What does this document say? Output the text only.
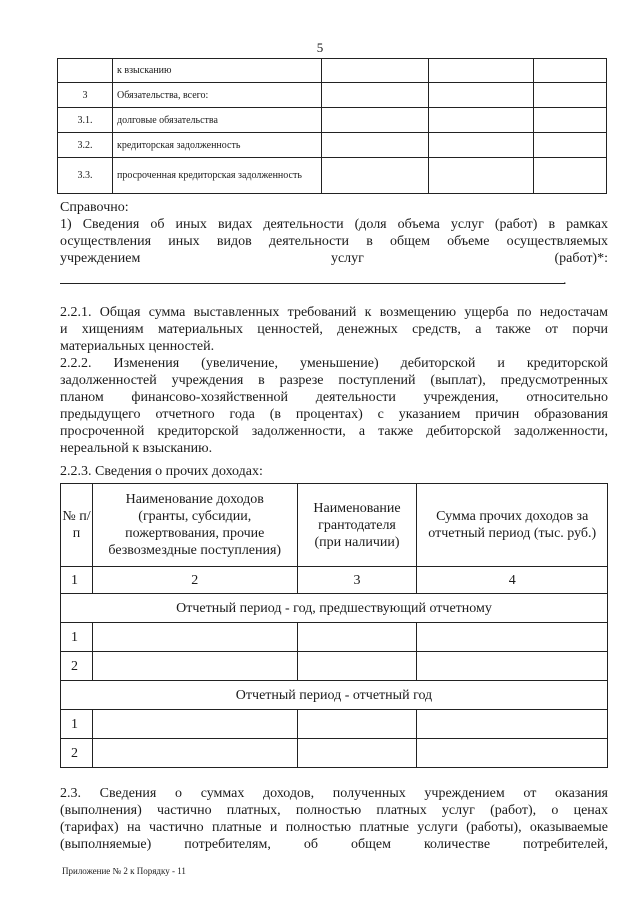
5
	к взысканию			
3	Обязательства, всего:			
3.1.	долговые обязательства			
3.2.	кредиторская задолженность			
3.3.	просроченная кредиторская задолженность			
Справочно:
1) Сведения об иных видах деятельности (доля объема услуг (работ) в рамках
осуществления иных видов деятельности в общем объеме осуществляемых
учреждением	услуг	(работ)*:
.
2.2.1. Общая сумма выставленных требований к возмещению ущерба по недостачам
и хищениям материальных ценностей, денежных средств, а также от порчи
материальных ценностей.
2.2.2. Изменения (увеличение, уменьшение) дебиторской и кредиторской
задолженностей учреждения в разрезе поступлений (выплат), предусмотренных
планом финансово-хозяйственной деятельности учреждения, относительно
предыдущего отчетного года (в процентах) с указанием причин образования
просроченной кредиторской задолженности, а также дебиторской задолженности,
нереальной к взысканию.
2.2.3. Сведения о прочих доходах:
№ п/п	Наименование доходов (гранты, субсидии, пожертвования, прочие безвозмездные поступления)	Наименование грантодателя (при наличии)	Сумма прочих доходов за отчетный период (тыс. руб.)
1	2	3	4
Отчетный период - год, предшествующий отчетному			
1			
2			
Отчетный период - отчетный год			
1			
2			
2.3. Сведения о суммах доходов, полученных учреждением от оказания
(выполнения) частично платных, полностью платных услуг (работ), о ценах
(тарифах) на частично платные и полностью платные услуги (работы), оказываемые
(выполняемые) потребителям, об общем количестве потребителей,
Приложение № 2 к Порядку - 11
